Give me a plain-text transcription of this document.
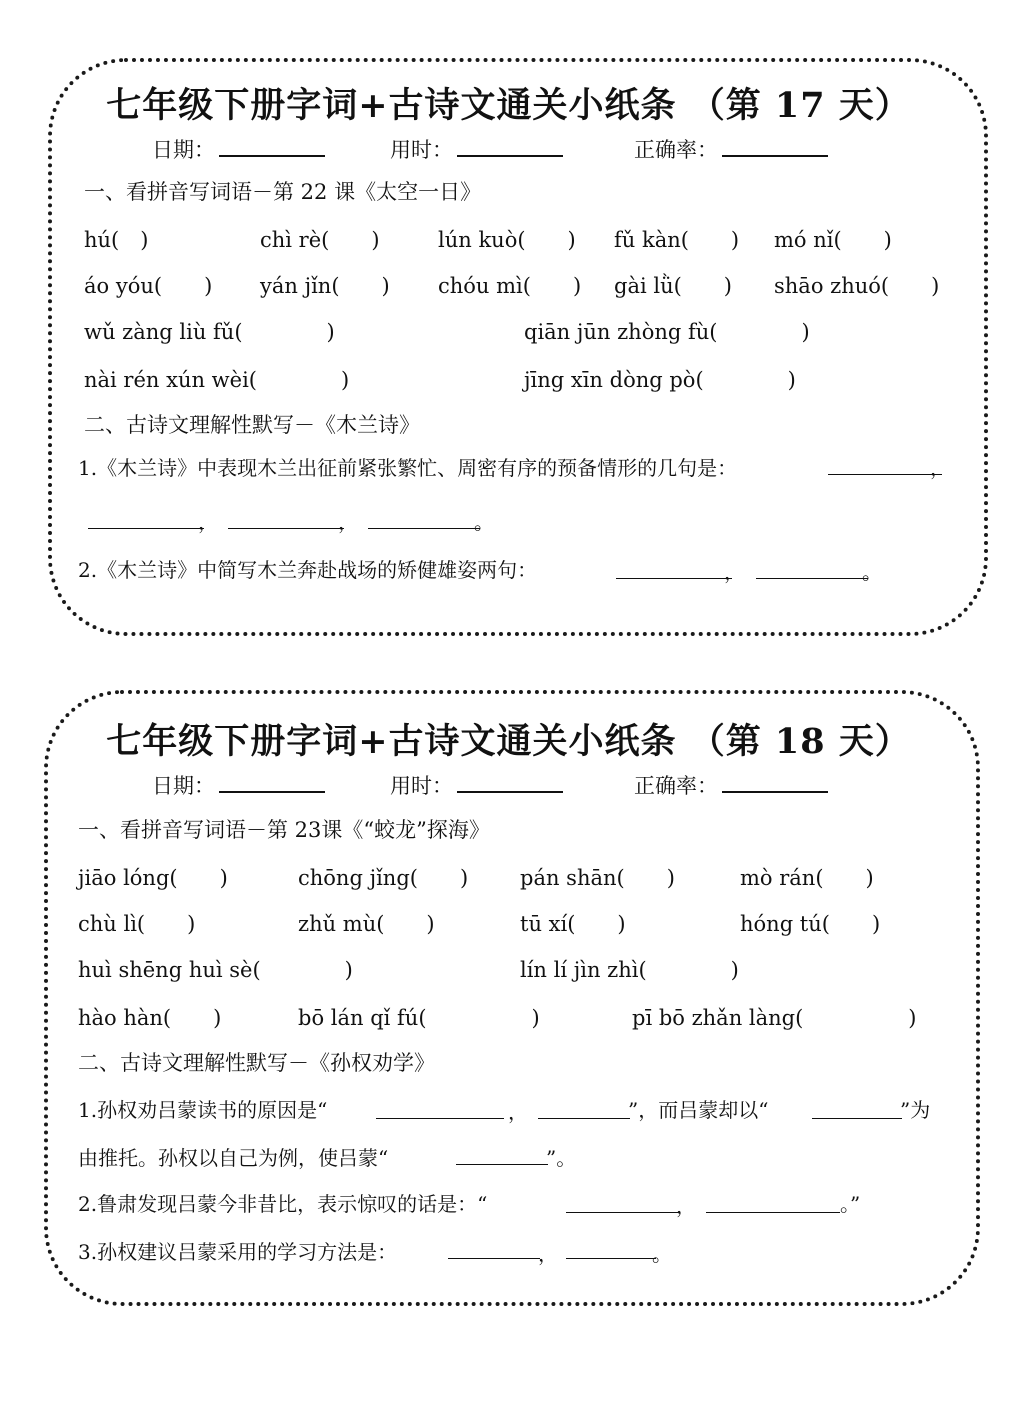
七年级下册字词+古诗文通关小纸条 （第 17 天）
日期：	用时：	正确率：
一、看拼音写词语－第 22 课《太空一日》
hú(　)	chì rè(　　)	lún kuò(　　) fǔ kàn(　　) mó nǐ(　　)
áo yóu(　　) yán jǐn(　　) chóu mì(　　) gài lǜ(　　) shāo zhuó(　　)
wǔ zàng liù fǔ(　　　　)	qiān jūn zhòng fù(　　　　)
nài rén xún wèi(　　　　)	jīng xīn dòng pò(　　　　)
二、古诗文理解性默写－《木兰诗》
1.《木兰诗》中表现木兰出征前紧张繁忙、周密有序的预备情形的几句是：	，
，	，	。
2.《木兰诗》中简写木兰奔赴战场的矫健雄姿两句：	，	。
七年级下册字词+古诗文通关小纸条 （第 18 天）
日期：	用时：	正确率：
一、看拼音写词语－第 23课《“蛟龙”探海》
jiāo lóng(　　)	chōng jǐng(　　) pán shān(　　)	mò rán(　　)
chù lì(　　)	zhǔ mù(　　)	tū xí(　　)	hóng tú(　　)
huì shēng huì sè(　　　　)	lín lí jìn zhì(　　　　)
hào hàn(　　)	bō lán qǐ fú(　　　　　)	pī bō zhǎn làng(　　　　　)
二、古诗文理解性默写－《孙权劝学》
1.孙权劝吕蒙读书的原因是“	，	”，而吕蒙却以“	”为
由推托。孙权以自己为例，使吕蒙“	”。
2.鲁肃发现吕蒙今非昔比，表示惊叹的话是：“	，	。”
3.孙权建议吕蒙采用的学习方法是：	，	。
